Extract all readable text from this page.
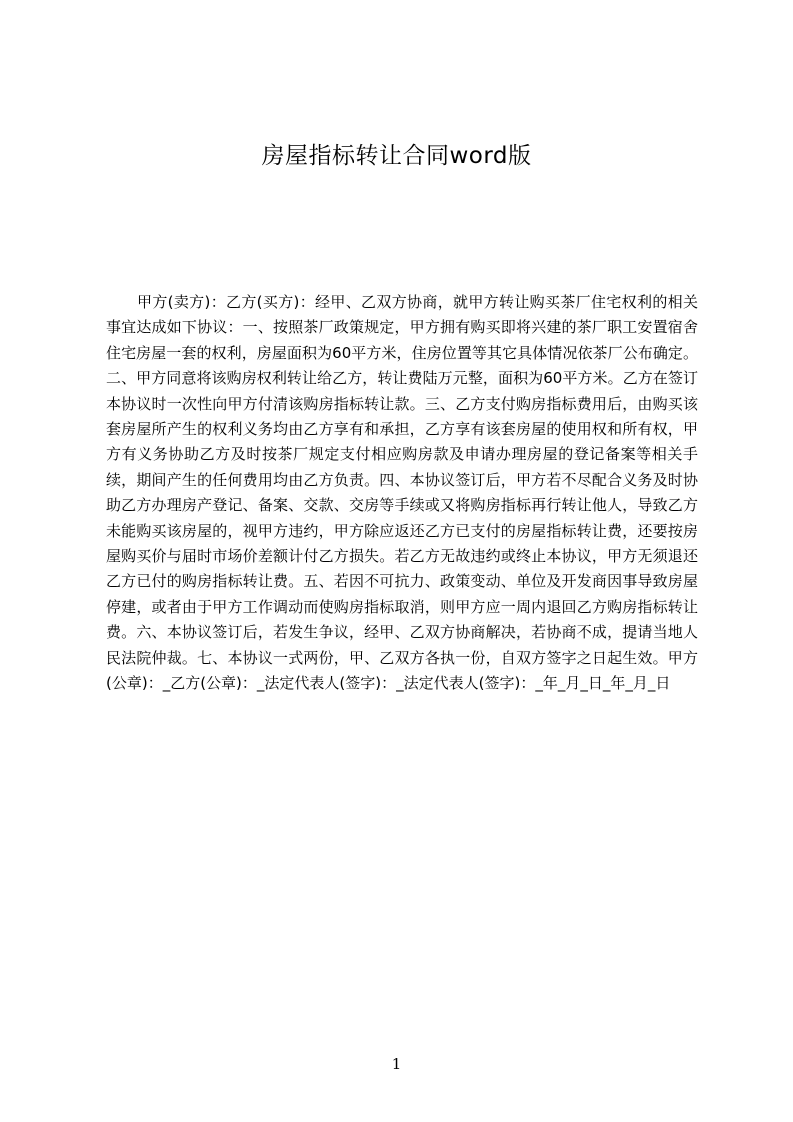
房屋指标转让合同word版

甲方(卖方)：乙方(买方)：经甲、乙双方协商，就甲方转让购买茶厂住宅权利的相关事宜达成如下协议：一、按照茶厂政策规定，甲方拥有购买即将兴建的茶厂职工安置宿舍住宅房屋一套的权利，房屋面积为60平方米，住房位置等其它具体情况依茶厂公布确定。二、甲方同意将该购房权利转让给乙方，转让费陆万元整，面积为60平方米。乙方在签订本协议时一次性向甲方付清该购房指标转让款。三、乙方支付购房指标费用后，由购买该套房屋所产生的权利义务均由乙方享有和承担，乙方享有该套房屋的使用权和所有权，甲方有义务协助乙方及时按茶厂规定支付相应购房款及申请办理房屋的登记备案等相关手续，期间产生的任何费用均由乙方负责。四、本协议签订后，甲方若不尽配合义务及时协助乙方办理房产登记、备案、交款、交房等手续或又将购房指标再行转让他人，导致乙方未能购买该房屋的，视甲方违约，甲方除应返还乙方已支付的房屋指标转让费，还要按房屋购买价与届时市场价差额计付乙方损失。若乙方无故违约或终止本协议，甲方无须退还乙方已付的购房指标转让费。五、若因不可抗力、政策变动、单位及开发商因事导致房屋停建，或者由于甲方工作调动而使购房指标取消，则甲方应一周内退回乙方购房指标转让费。六、本协议签订后，若发生争议，经甲、乙双方协商解决，若协商不成，提请当地人民法院仲裁。七、本协议一式两份，甲、乙双方各执一份，自双方签字之日起生效。甲方(公章)：_乙方(公章)：_法定代表人(签字)：_法定代表人(签字)：_年_月_日_年_月_日

1
